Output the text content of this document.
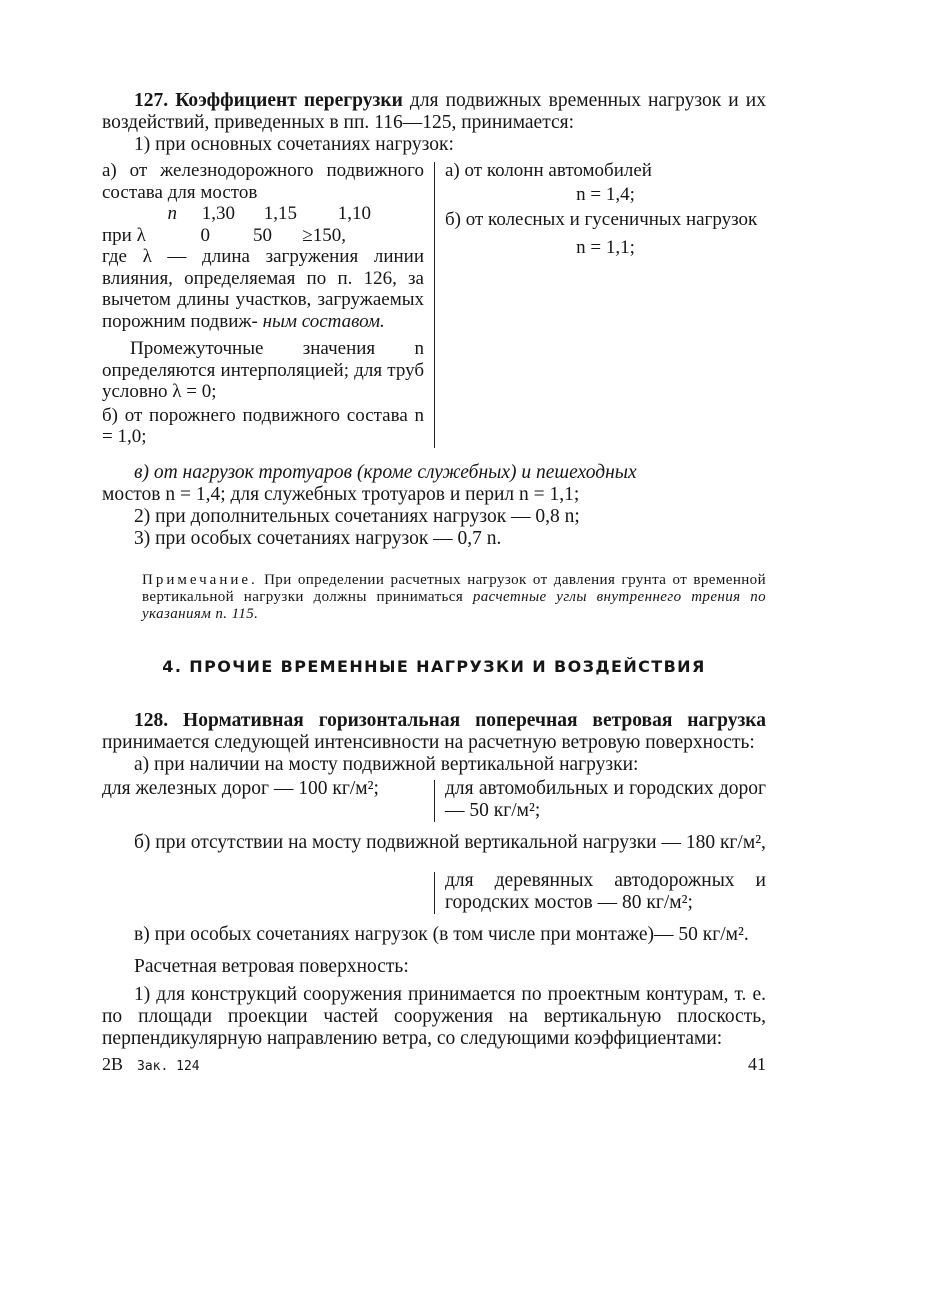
127. Коэффициент перегрузки для подвижных временных нагрузок и их воздействий, приведенных в пп. 116—125, принимается:

1) при основных сочетаниях нагрузок:

а) от железнодорожного подвижного состава для мостов
n	1,30	1,15	1,10
при λ	0	50	≥150,
где λ — длина загружения линии влияния, определяемая по п. 126, за вычетом длины участков, загружаемых порожним подвиж- ным составом.
Промежуточные значения n определяются интерполяцией; для труб условно λ = 0;
б) от порожнего подвижного состава n = 1,0;
а) от колонн автомобилей
n = 1,4;
б) от колесных и гусеничных нагрузок
n = 1,1;

в) от нагрузок тротуаров (кроме служебных) и пешеходных

мостов n = 1,4; для служебных тротуаров и перил n = 1,1;

2) при дополнительных сочетаниях нагрузок — 0,8 n;

3) при особых сочетаниях нагрузок — 0,7 n.

Примечание. При определении расчетных нагрузок от давления грунта от временной вертикальной нагрузки должны приниматься расчетные углы внутреннего трения по указаниям п. 115.
4. ПРОЧИЕ ВРЕМЕННЫЕ НАГРУЗКИ И ВОЗДЕЙСТВИЯ

128. Нормативная горизонтальная поперечная ветровая нагрузка принимается следующей интенсивности на расчетную ветровую поверхность:

а) при наличии на мосту подвижной вертикальной нагрузки:

для железных дорог — 100 кг/м²;	для автомобильных и городских дорог — 50 кг/м²;

б) при отсутствии на мосту подвижной вертикальной нагрузки — 180 кг/м²,

для деревянных автодорожных и городских мостов — 80 кг/м²;

в) при особых сочетаниях нагрузок (в том числе при монтаже)— 50 кг/м².

Расчетная ветровая поверхность:

1) для конструкций сооружения принимается по проектным контурам, т. е. по площади проекции частей сооружения на вертикальную плоскость, перпендикулярную направлению ветра, со следующими коэффициентами:

2В Зак. 124	41
